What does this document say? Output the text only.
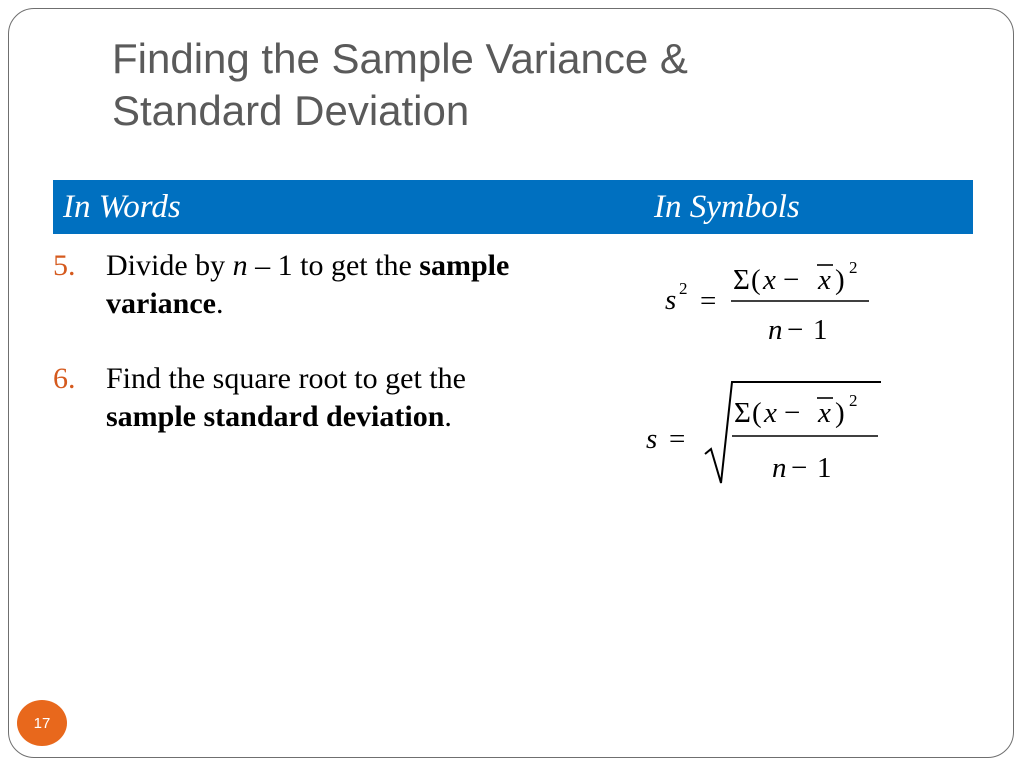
Finding the Sample Variance &
Standard Deviation
In Words	In Symbols
5. Divide by n – 1 to get the sample variance.
6. Find the square root to get the sample standard deviation.
s 2 =
Σ ( x − x ) 2
n − 1
s =
Σ ( x − x ) 2
n − 1
17
